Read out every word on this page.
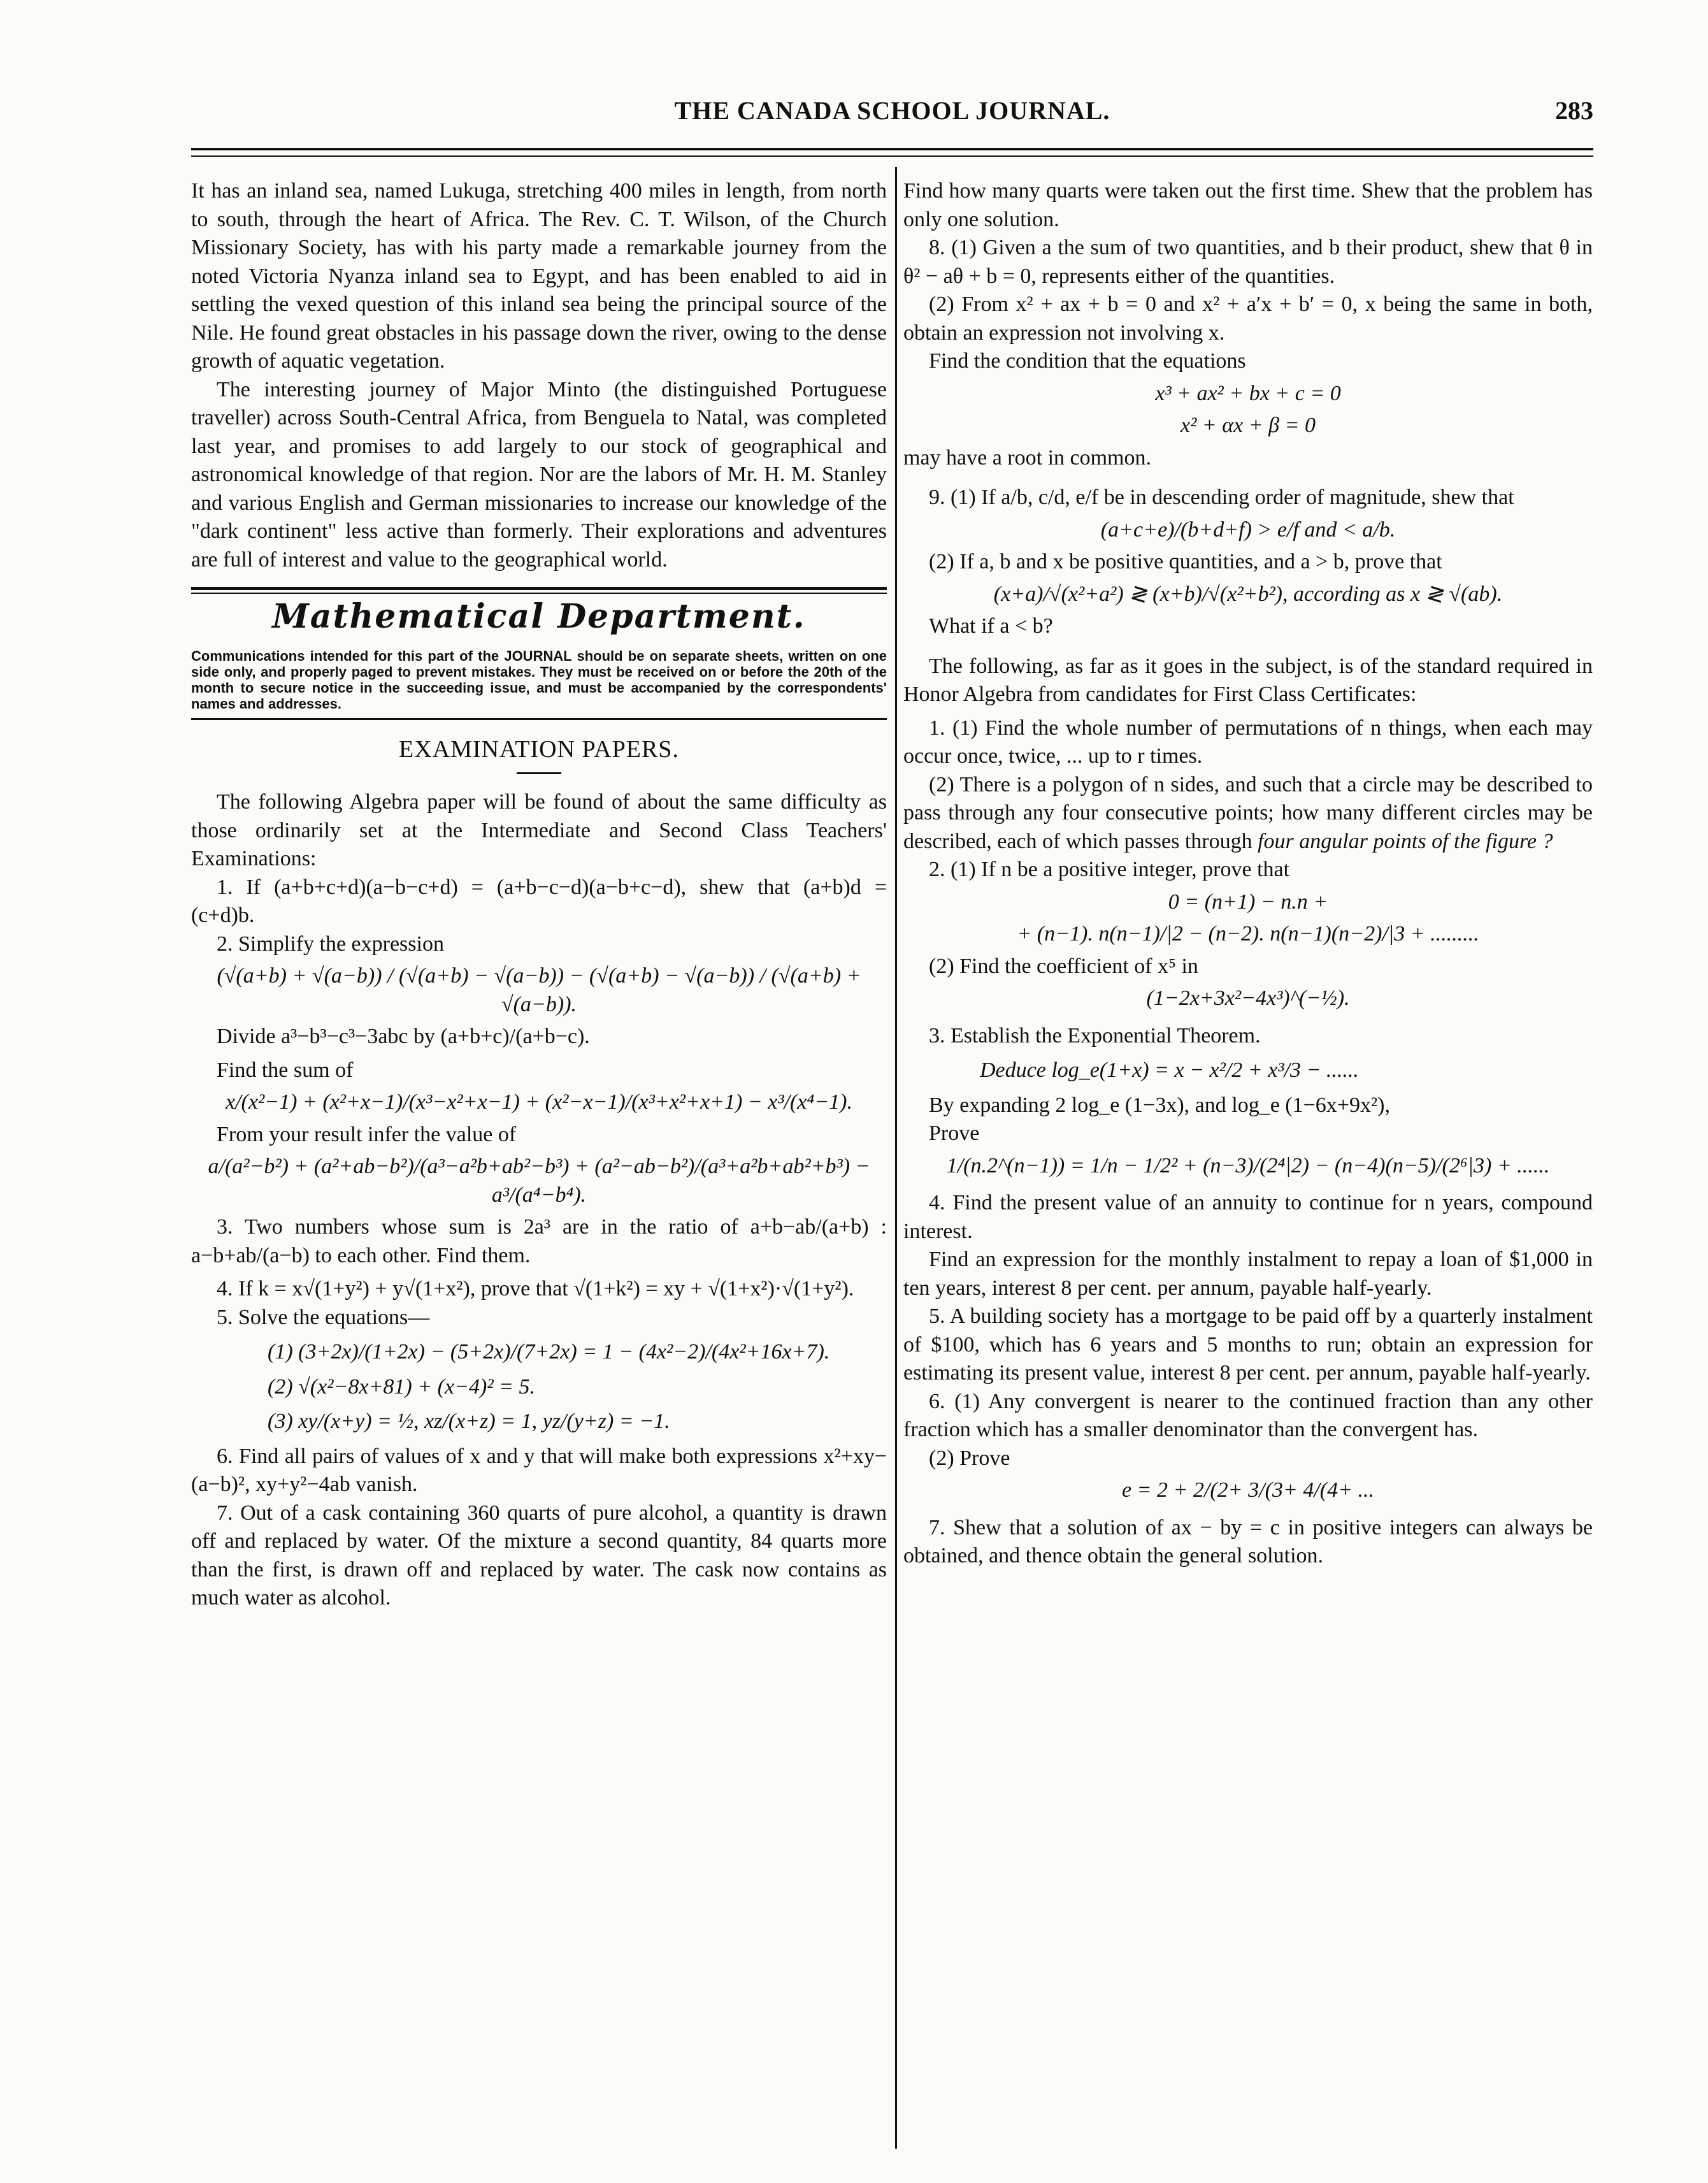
THE CANADA SCHOOL JOURNAL.	283

It has an inland sea, named Lukuga, stretching 400 miles in length, from north to south, through the heart of Africa. The Rev. C. T. Wilson, of the Church Missionary Society, has with his party made a remarkable journey from the noted Victoria Nyanza inland sea to Egypt, and has been enabled to aid in settling the vexed question of this inland sea being the principal source of the Nile. He found great obstacles in his passage down the river, owing to the dense growth of aquatic vegetation.

The interesting journey of Major Minto (the distinguished Portuguese traveller) across South-Central Africa, from Benguela to Natal, was completed last year, and promises to add largely to our stock of geographical and astronomical knowledge of that region. Nor are the labors of Mr. H. M. Stanley and various English and German missionaries to increase our knowledge of the "dark continent" less active than formerly. Their explorations and adventures are full of interest and value to the geographical world.

Mathematical Department.
Communications intended for this part of the JOURNAL should be on separate sheets, written on one side only, and properly paged to prevent mistakes. They must be received on or before the 20th of the month to secure notice in the succeeding issue, and must be accompanied by the correspondents' names and addresses.
EXAMINATION PAPERS.

The following Algebra paper will be found of about the same difficulty as those ordinarily set at the Intermediate and Second Class Teachers' Examinations:

1. If (a+b+c+d)(a−b−c+d) = (a+b−c−d)(a−b+c−d), shew that (a+b)d = (c+d)b.

2. Simplify the expression

(√(a+b) + √(a−b)) / (√(a+b) − √(a−b)) − (√(a+b) − √(a−b)) / (√(a+b) + √(a−b)).

Divide a³−b³−c³−3abc by (a+b+c)/(a+b−c).

Find the sum of

x/(x²−1) + (x²+x−1)/(x³−x²+x−1) + (x²−x−1)/(x³+x²+x+1) − x³/(x⁴−1).

From your result infer the value of

a/(a²−b²) + (a²+ab−b²)/(a³−a²b+ab²−b³) + (a²−ab−b²)/(a³+a²b+ab²+b³) − a³/(a⁴−b⁴).

3. Two numbers whose sum is 2a³ are in the ratio of a+b−ab/(a+b) : a−b+ab/(a−b) to each other. Find them.

4. If k = x√(1+y²) + y√(1+x²), prove that √(1+k²) = xy + √(1+x²)·√(1+y²).

5. Solve the equations—

(1) (3+2x)/(1+2x) − (5+2x)/(7+2x) = 1 − (4x²−2)/(4x²+16x+7).

(2) √(x²−8x+81) + (x−4)² = 5.

(3) xy/(x+y) = ½, xz/(x+z) = 1, yz/(y+z) = −1.

6. Find all pairs of values of x and y that will make both expressions x²+xy−(a−b)², xy+y²−4ab vanish.

7. Out of a cask containing 360 quarts of pure alcohol, a quantity is drawn off and replaced by water. Of the mixture a second quantity, 84 quarts more than the first, is drawn off and replaced by water. The cask now contains as much water as alcohol.

Find how many quarts were taken out the first time. Shew that the problem has only one solution.

8. (1) Given a the sum of two quantities, and b their product, shew that θ in θ² − aθ + b = 0, represents either of the quantities.

(2) From x² + ax + b = 0 and x² + a′x + b′ = 0, x being the same in both, obtain an expression not involving x.

Find the condition that the equations

x³ + ax² + bx + c = 0

x² + αx + β = 0

may have a root in common.

9. (1) If a/b, c/d, e/f be in descending order of magnitude, shew that

(a+c+e)/(b+d+f) > e/f and < a/b.

(2) If a, b and x be positive quantities, and a > b, prove that

(x+a)/√(x²+a²) ≷ (x+b)/√(x²+b²), according as x ≷ √(ab).

What if a < b?

The following, as far as it goes in the subject, is of the standard required in Honor Algebra from candidates for First Class Certificates:

1. (1) Find the whole number of permutations of n things, when each may occur once, twice, ... up to r times.

(2) There is a polygon of n sides, and such that a circle may be described to pass through any four consecutive points; how many different circles may be described, each of which passes through four angular points of the figure ?

2. (1) If n be a positive integer, prove that

0 = (n+1) − n.n +

+ (n−1). n(n−1)/|2 − (n−2). n(n−1)(n−2)/|3 + .........

(2) Find the coefficient of x⁵ in

(1−2x+3x²−4x³)^(−½).

3. Establish the Exponential Theorem.

Deduce log_e(1+x) = x − x²/2 + x³/3 − ......

By expanding 2 log_e (1−3x), and log_e (1−6x+9x²),

Prove

1/(n.2^(n−1)) = 1/n − 1/2² + (n−3)/(2⁴|2) − (n−4)(n−5)/(2⁶|3) + ......

4. Find the present value of an annuity to continue for n years, compound interest.

Find an expression for the monthly instalment to repay a loan of $1,000 in ten years, interest 8 per cent. per annum, payable half-yearly.

5. A building society has a mortgage to be paid off by a quarterly instalment of $100, which has 6 years and 5 months to run; obtain an expression for estimating its present value, interest 8 per cent. per annum, payable half-yearly.

6. (1) Any convergent is nearer to the continued fraction than any other fraction which has a smaller denominator than the convergent has.

(2) Prove

e = 2 + 2/(2+ 3/(3+ 4/(4+ ...

7. Shew that a solution of ax − by = c in positive integers can always be obtained, and thence obtain the general solution.
